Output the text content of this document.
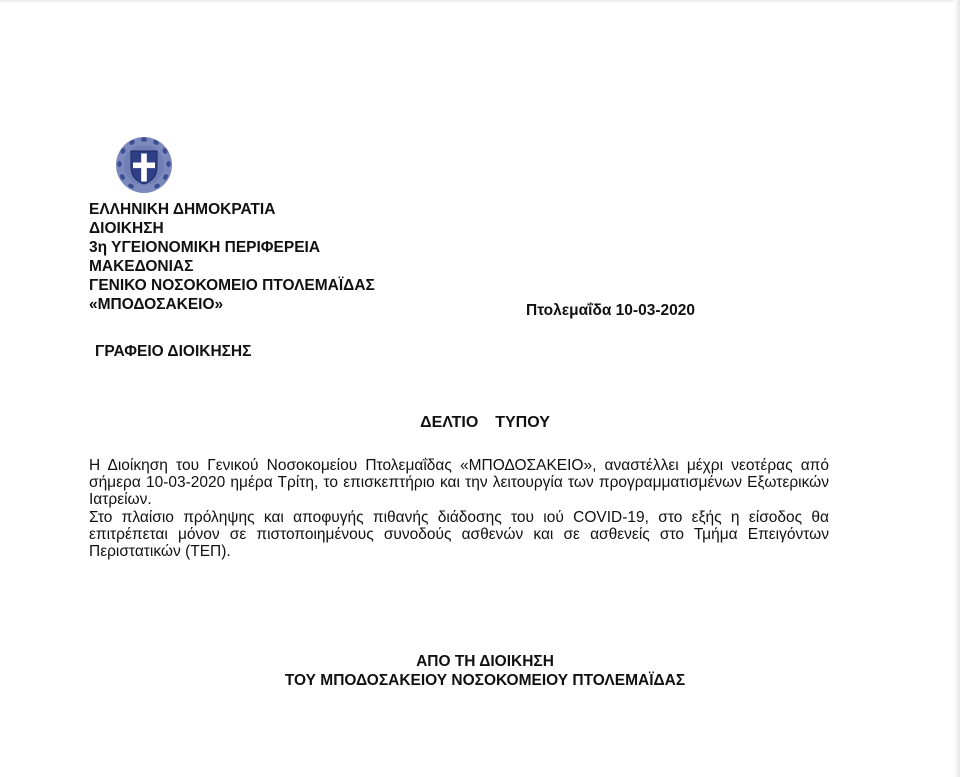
ΕΛΛΗΝΙΚΗ ΔΗΜΟΚΡΑΤΙΑ
ΔΙΟΙΚΗΣΗ
3η ΥΓΕΙΟΝΟΜΙΚΗ ΠΕΡΙΦΕΡΕΙΑ
ΜΑΚΕΔΟΝΙΑΣ
ΓΕΝΙΚΟ ΝΟΣΟΚΟΜΕΙΟ ΠΤΟΛΕΜΑΪΔΑΣ
«ΜΠΟΔΟΣΑΚΕΙΟ»	Πτολεμαΐδα 10-03-2020
ΓΡΑΦΕΙΟ ΔΙΟΙΚΗΣΗΣ
ΔΕΛΤΙΟ  ΤΥΠΟΥ

Η Διοίκηση του Γενικού Νοσοκομείου Πτολεμαΐδας «ΜΠΟΔΟΣΑΚΕΙΟ», αναστέλλει μέχρι νεοτέρας από σήμερα 10-03-2020 ημέρα Τρίτη, το επισκεπτήριο και την λειτουργία των προγραμματισμένων Εξωτερικών Ιατρείων.

Στο πλαίσιο πρόληψης και αποφυγής πιθανής διάδοσης του ιού COVID-19, στο εξής η είσοδος θα επιτρέπεται μόνον σε πιστοποιημένους συνοδούς ασθενών και σε ασθενείς στο Τμήμα Επειγόντων Περιστατικών (ΤΕΠ).

ΑΠΟ ΤΗ ΔΙΟΙΚΗΣΗ
ΤΟΥ ΜΠΟΔΟΣΑΚΕΙΟΥ ΝΟΣΟΚΟΜΕΙΟΥ ΠΤΟΛΕΜΑΪΔΑΣ
